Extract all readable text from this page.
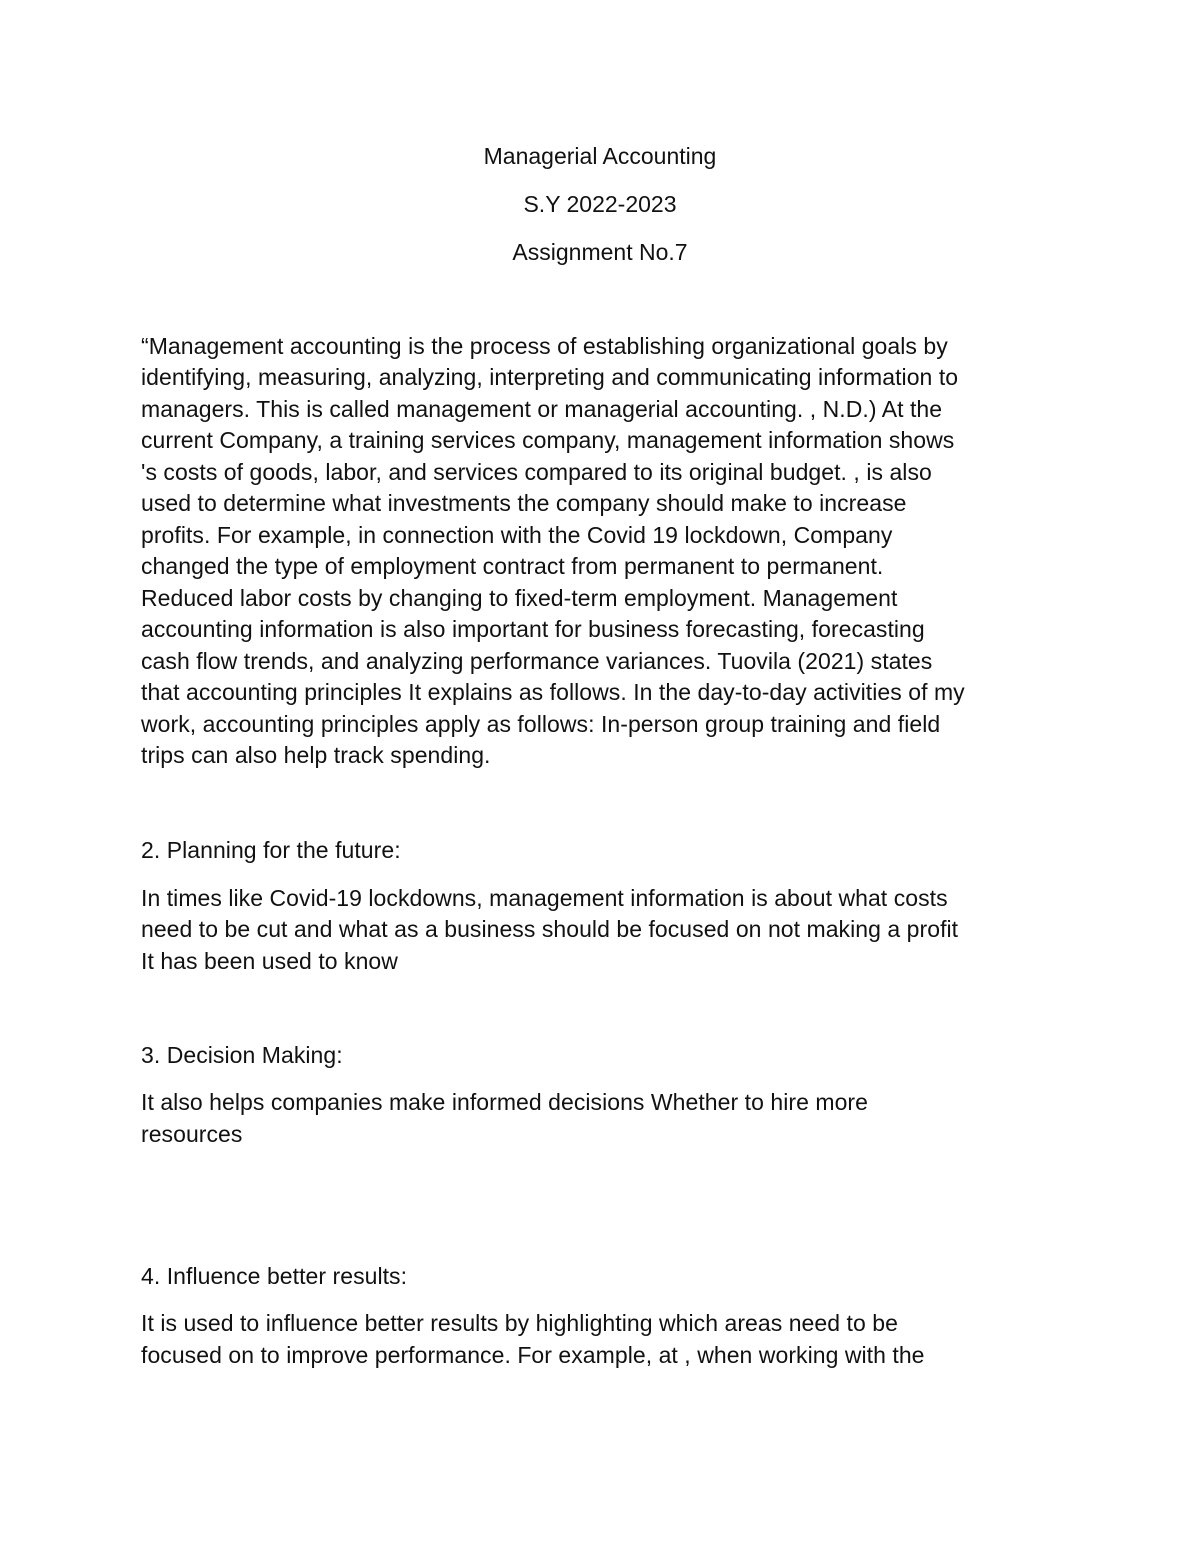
Managerial Accounting
S.Y 2022-2023
Assignment No.7
“Management accounting is the process of establishing organizational goals by
identifying, measuring, analyzing, interpreting and communicating information to
managers. This is called management or managerial accounting. , N.D.) At the
current Company, a training services company, management information shows
's costs of goods, labor, and services compared to its original budget. , is also
used to determine what investments the company should make to increase
profits. For example, in connection with the Covid 19 lockdown, Company
changed the type of employment contract from permanent to permanent.
Reduced labor costs by changing to fixed-term employment. Management
accounting information is also important for business forecasting, forecasting
cash flow trends, and analyzing performance variances. Tuovila (2021) states
that accounting principles It explains as follows. In the day-to-day activities of my
work, accounting principles apply as follows: In-person group training and field
trips can also help track spending.
2. Planning for the future:
In times like Covid-19 lockdowns, management information is about what costs
need to be cut and what as a business should be focused on not making a profit
It has been used to know
3. Decision Making:
It also helps companies make informed decisions Whether to hire more
resources
4. Influence better results:
It is used to influence better results by highlighting which areas need to be
focused on to improve performance. For example, at , when working with the
